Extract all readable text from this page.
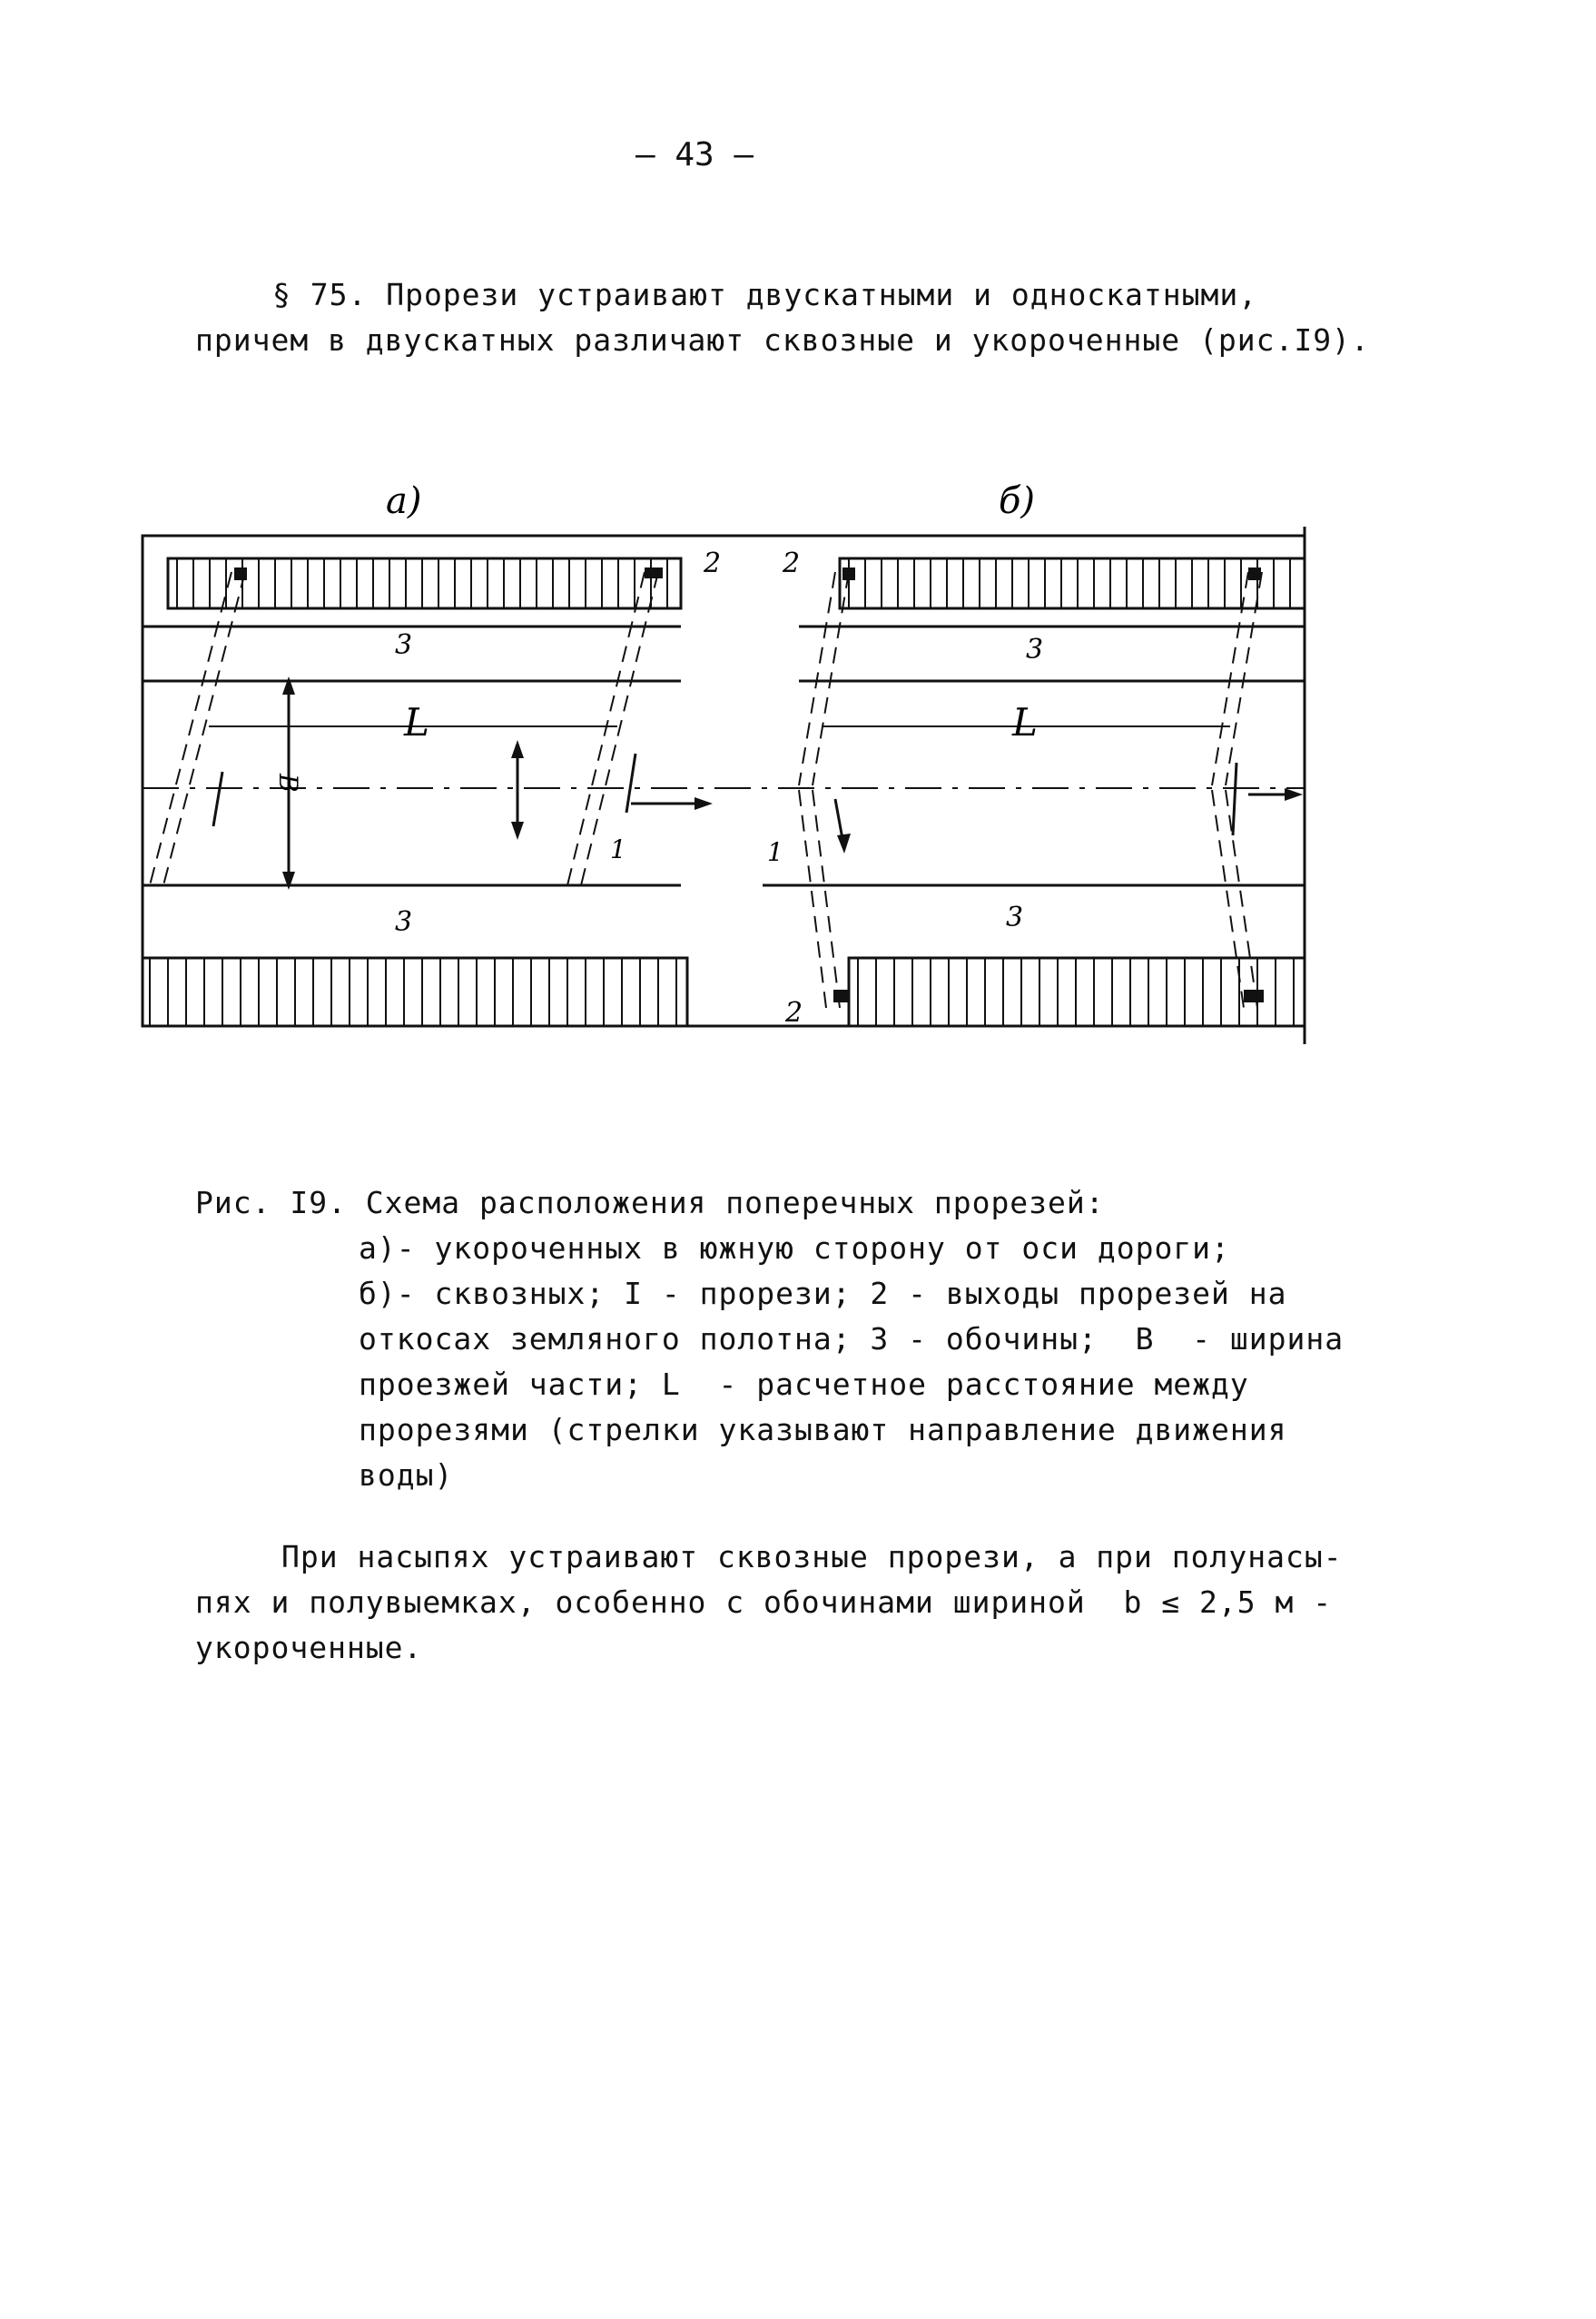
— 43 —
§ 75. Прорези устраивают двускатными и односкатными,
причем в двускатных различают сквозные и укороченные (рис.I9).
а)	б)
2 2
2
1	1
3	3
3	3
L	L
В
Рис. I9. Схема расположения поперечных прорезей:
а)- укороченных в южную сторону от оси дороги;
б)- сквозных; I - прорези; 2 - выходы прорезей на
откосах земляного полотна; 3 - обочины;  В  - ширина
проезжей части; L  - расчетное расстояние между
прорезями (стрелки указывают направление движения
воды)
При насыпях устраивают сквозные прорези, а при полунасы-
пях и полувыемках, особенно с обочинами шириной  b ≤ 2,5 м -
укороченные.
